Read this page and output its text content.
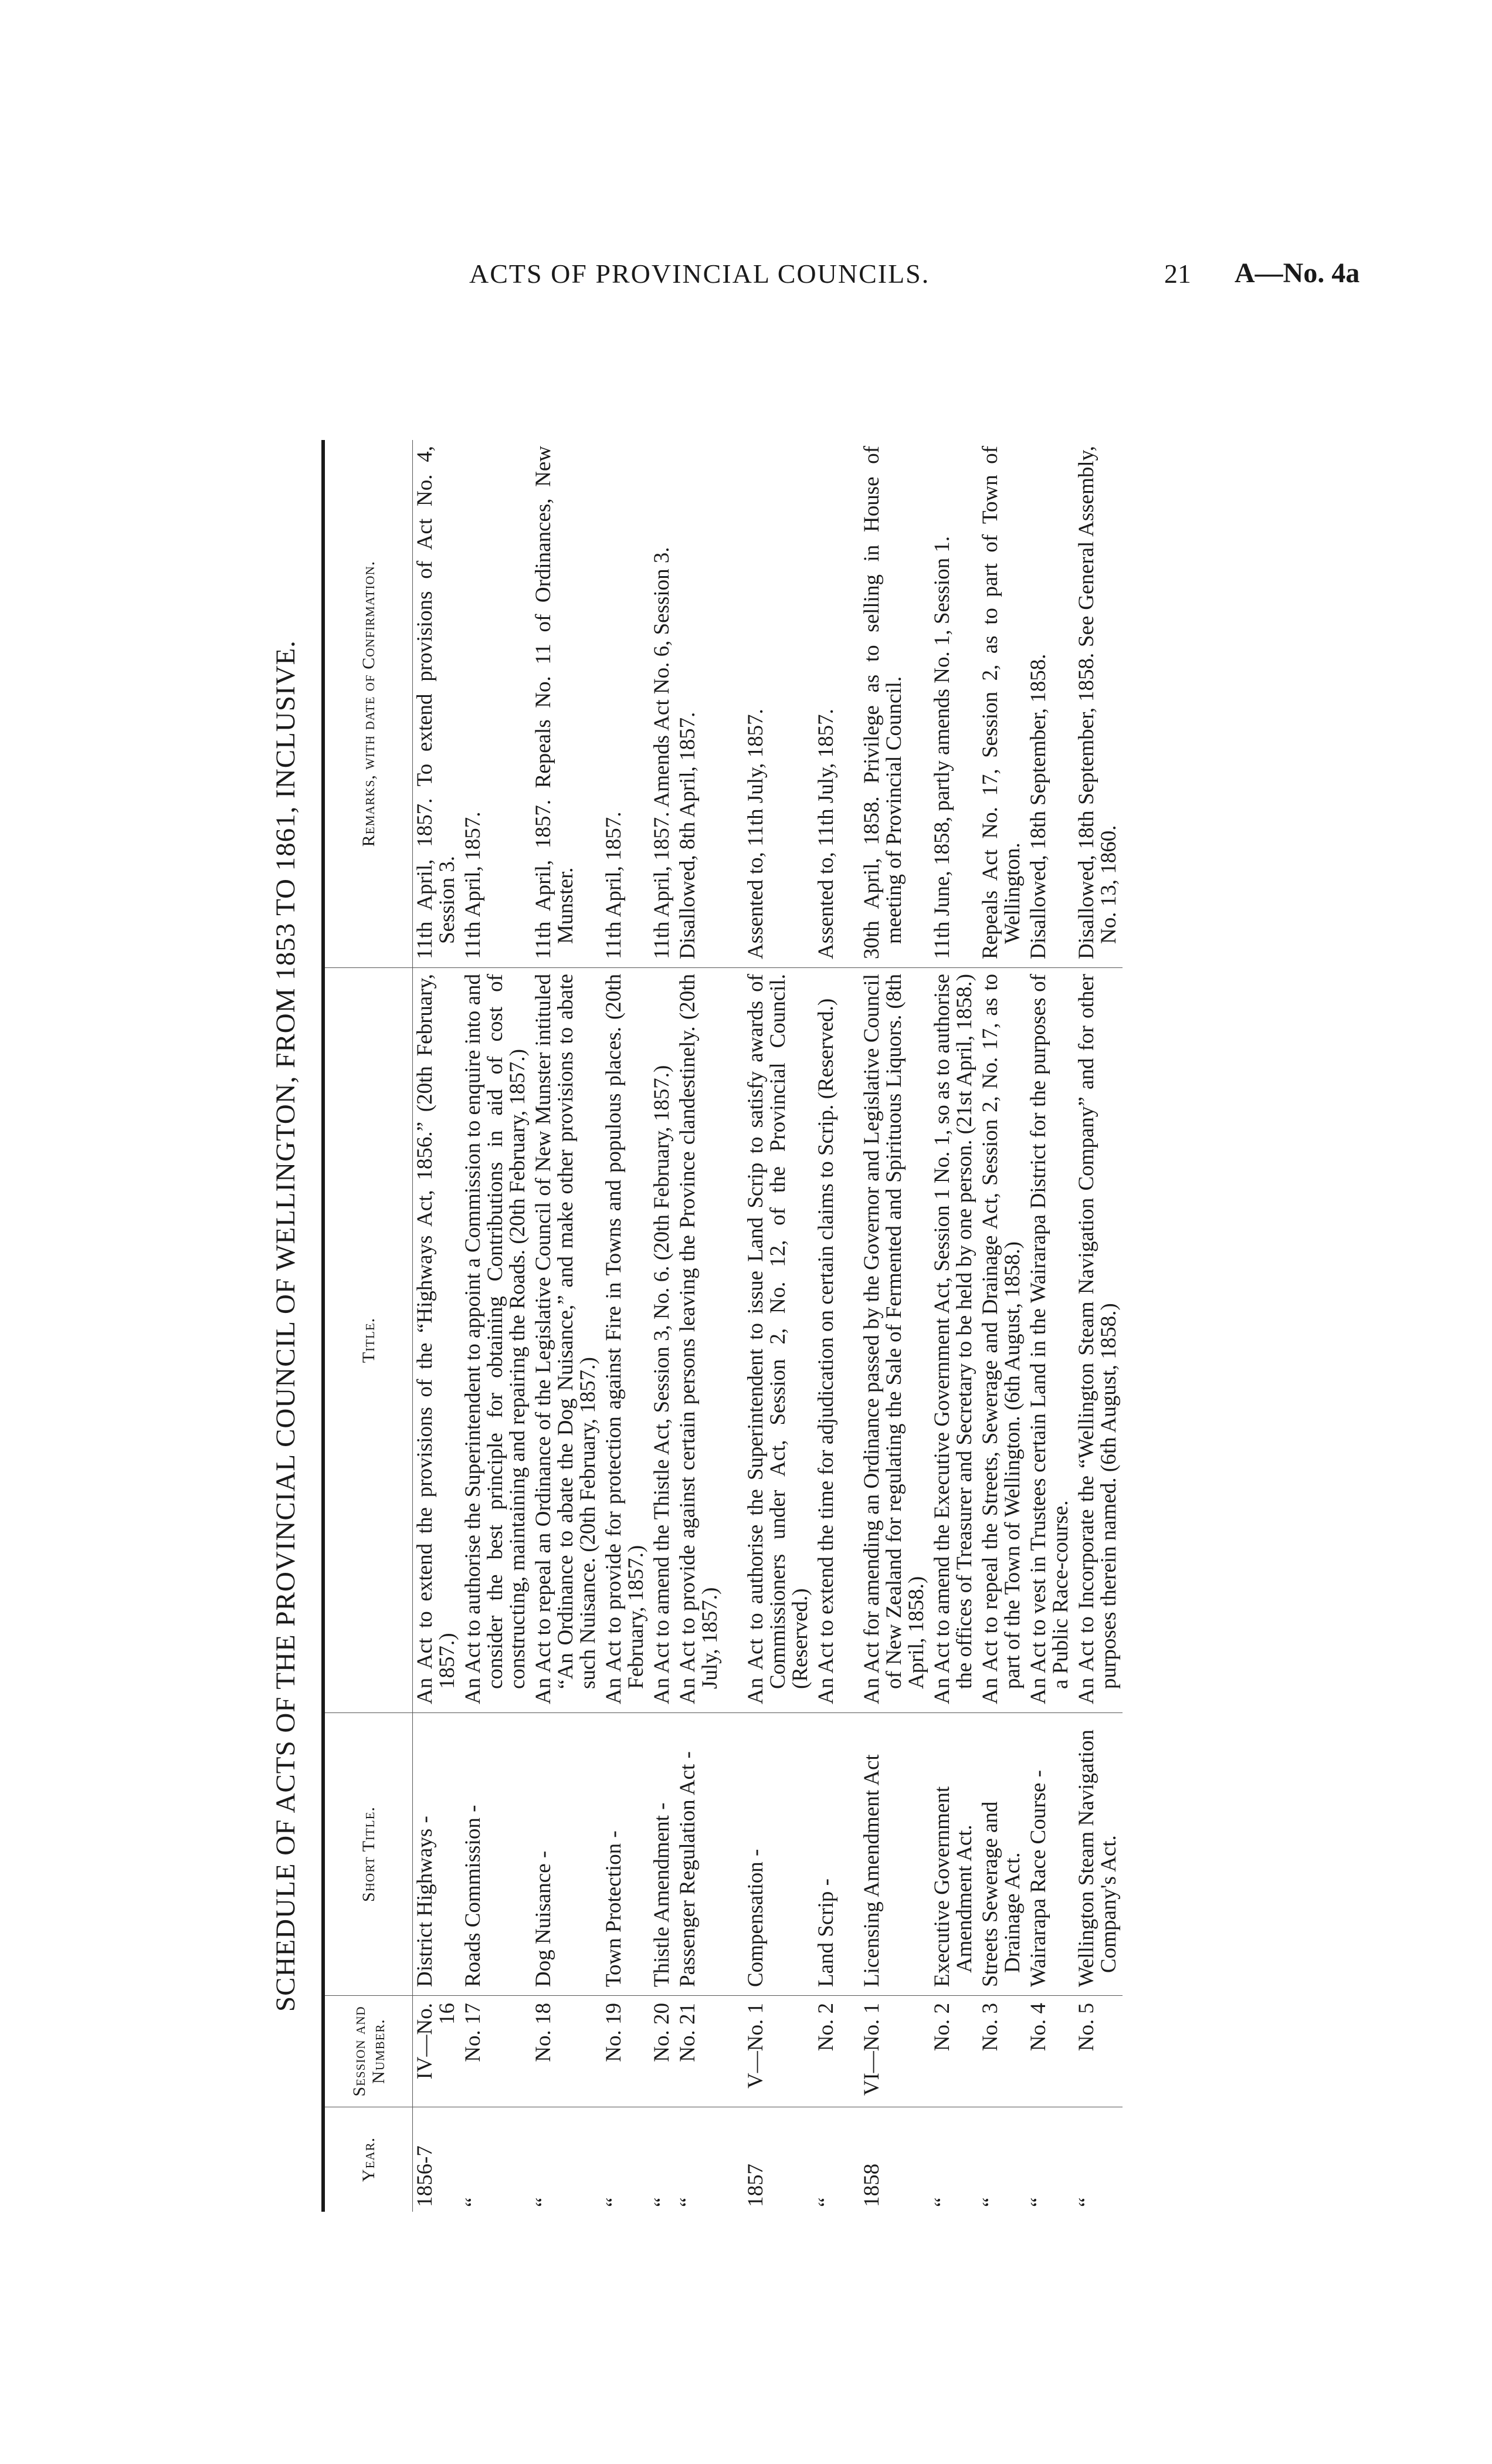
ACTS OF PROVINCIAL COUNCILS.	21 A—No. 4a
SCHEDULE OF ACTS OF THE PROVINCIAL COUNCIL OF WELLINGTON, FROM 1853 TO 1861, INCLUSIVE.
Year.
Session and Number.
Short Title.
Title.
Remarks, with date of Confirmation.
1856-7
IV—No. 16
District Highways -
An Act to extend the provisions of the “Highways Act, 1856.” (20th February, 1857.)
11th April, 1857. To extend provisions of Act No. 4, Session 3.
“
No. 17
Roads Commission -
An Act to authorise the Superintendent to appoint a Commission to enquire into and consider the best principle for obtaining Contributions in aid of cost of constructing, maintaining and repairing the Roads. (20th February, 1857.)
11th April, 1857.
“
No. 18
Dog Nuisance -
An Act to repeal an Ordinance of the Legislative Council of New Munster intituled “An Ordinance to abate the Dog Nuisance,” and make other provisions to abate such Nuisance. (20th February, 1857.)
11th April, 1857. Repeals No. 11 of Ordinances, New Munster.
“
No. 19
Town Protection -
An Act to provide for protection against Fire in Towns and populous places. (20th February, 1857.)
11th April, 1857.
“
No. 20
Thistle Amendment -
An Act to amend the Thistle Act, Session 3, No. 6. (20th February, 1857.)
11th April, 1857. Amends Act No. 6, Session 3.
“
No. 21
Passenger Regulation Act -
An Act to provide against certain persons leaving the Province clandestinely. (20th July, 1857.)
Disallowed, 8th April, 1857.
1857
V—No. 1
Compensation -
An Act to authorise the Superintendent to issue Land Scrip to satisfy awards of Commissioners under Act, Session 2, No. 12, of the Provincial Council. (Reserved.)
Assented to, 11th July, 1857.
“
No. 2
Land Scrip -
An Act to extend the time for adjudication on certain claims to Scrip. (Reserved.)
Assented to, 11th July, 1857.
1858
VI—No. 1
Licensing Amendment Act
An Act for amending an Ordinance passed by the Governor and Legislative Council of New Zealand for regulating the Sale of Fermented and Spirituous Liquors. (8th April, 1858.)
30th April, 1858. Privilege as to selling in House of meeting of Provincial Council.
“
No. 2
Executive Government Amendment Act.
An Act to amend the Executive Government Act, Session 1 No. 1, so as to authorise the offices of Treasurer and Secretary to be held by one person. (21st April, 1858.)
11th June, 1858, partly amends No. 1, Session 1.
“
No. 3
Streets Sewerage and Drainage Act.
An Act to repeal the Streets, Sewerage and Drainage Act, Session 2, No. 17, as to part of the Town of Wellington. (6th August, 1858.)
Repeals Act No. 17, Session 2, as to part of Town of Wellington.
“
No. 4
Wairarapa Race Course -
An Act to vest in Trustees certain Land in the Wairarapa District for the purposes of a Public Race-course.
Disallowed, 18th September, 1858.
“
No. 5
Wellington Steam Navigation Company's Act.
An Act to Incorporate the “Wellington Steam Navigation Company” and for other purposes therein named. (6th August, 1858.)
Disallowed, 18th September, 1858. See General Assembly, No. 13, 1860.
